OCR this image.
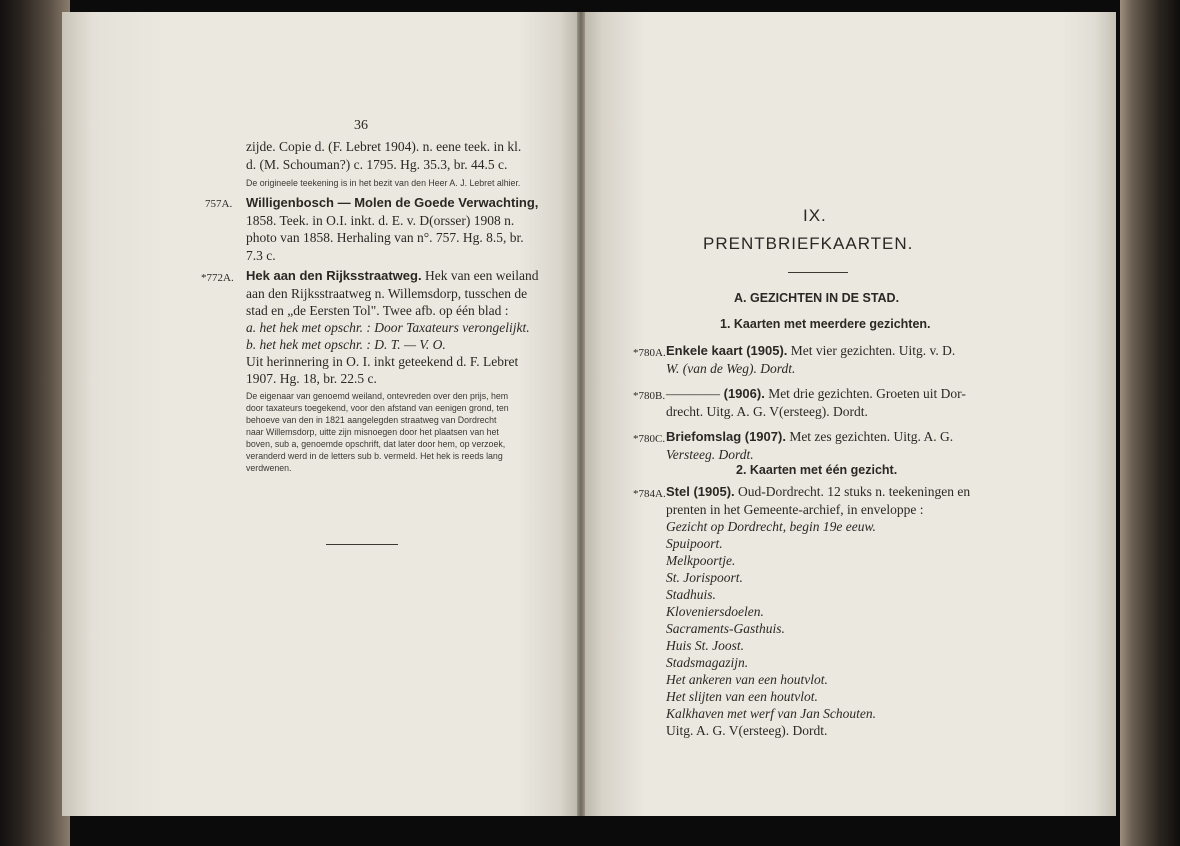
36
zijde. Copie d. (F. Lebret 1904). n. eene teek. in kl.
d. (M. Schouman?) c. 1795. Hg. 35.3, br. 44.5 c.
De origineele teekening is in het bezit van den Heer A. J. Lebret alhier.
757A. Willigenbosch — Molen de Goede Verwachting,
1858. Teek. in O.I. inkt. d. E. v. D(orsser) 1908 n.
photo van 1858. Herhaling van n°. 757. Hg. 8.5, br.
7.3 c.
*772A. Hek aan den Rijksstraatweg. Hek van een weiland
aan den Rijksstraatweg n. Willemsdorp, tusschen de
stad en „de Eersten Tol". Twee afb. op één blad :
a. het hek met opschr. : Door Taxateurs verongelijkt.
b. het hek met opschr. : D. T. — V. O.
Uit herinnering in O. I. inkt geteekend d. F. Lebret
1907. Hg. 18, br. 22.5 c.
De eigenaar van genoemd weiland, ontevreden over den prijs, hem
door taxateurs toegekend, voor den afstand van eenigen grond, ten
behoeve van den in 1821 aangelegden straatweg van Dordrecht
naar Willemsdorp, uitte zijn misnoegen door het plaatsen van het
boven, sub a, genoemde opschrift, dat later door hem, op verzoek,
veranderd werd in de letters sub b. vermeld. Het hek is reeds lang
verdwenen.
IX.
PRENTBRIEFKAARTEN.
A. GEZICHTEN IN DE STAD.
1. Kaarten met meerdere gezichten.
*780A. Enkele kaart (1905). Met vier gezichten. Uitg. v. D.
W. (van de Weg). Dordt.
*780B. ———— (1906). Met drie gezichten. Groeten uit Dor-
drecht. Uitg. A. G. V(ersteeg). Dordt.
*780C. Briefomslag (1907). Met zes gezichten. Uitg. A. G.
Versteeg. Dordt.
2. Kaarten met één gezicht.
*784A. Stel (1905). Oud-Dordrecht. 12 stuks n. teekeningen en
prenten in het Gemeente-archief, in enveloppe :
Gezicht op Dordrecht, begin 19e eeuw.
Spuipoort.
Melkpoortje.
St. Jorispoort.
Stadhuis.
Kloveniersdoelen.
Sacraments-Gasthuis.
Huis St. Joost.
Stadsmagazijn.
Het ankeren van een houtvlot.
Het slijten van een houtvlot.
Kalkhaven met werf van Jan Schouten.
Uitg. A. G. V(ersteeg). Dordt.
